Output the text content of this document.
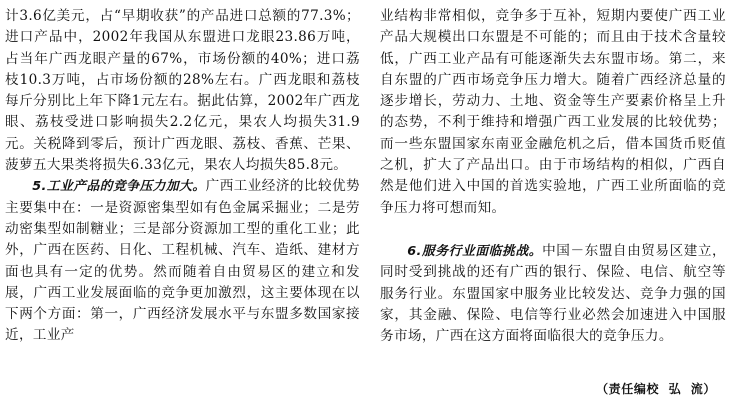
计3.6亿美元，占“早期收获”的产品进口总额的77.3%；进口产品中，2002年我国从东盟进口龙眼23.86万吨，占当年广西龙眼产量的67%，市场份额的40%；进口荔枝10.3万吨，占市场份额的28%左右。广西龙眼和荔枝每斤分别比上年下降1元左右。据此估算，2002年广西龙眼、荔枝受进口影响损失2.2亿元，果农人均损失31.9元。关税降到零后，预计广西龙眼、荔枝、香蕉、芒果、菠萝五大果类将损失6.33亿元，果农人均损失85.8元。

5.工业产品的竞争压力加大。广西工业经济的比较优势主要集中在：一是资源密集型如有色金属采掘业；二是劳动密集型如制糖业；三是部分资源加工型的重化工业；此外，广西在医药、日化、工程机械、汽车、造纸、建材方面也具有一定的优势。然而随着自由贸易区的建立和发展，广西工业发展面临的竞争更加激烈，这主要体现在以下两个方面：第一，广西经济发展水平与东盟多数国家接近，工业产

业结构非常相似，竞争多于互补，短期内要使广西工业产品大规模出口东盟是不可能的；而且由于技术含量较低，广西工业产品有可能逐渐失去东盟市场。第二，来自东盟的广西市场竞争压力增大。随着广西经济总量的逐步增长，劳动力、土地、资金等生产要素价格呈上升的态势，不利于维持和增强广西工业发展的比较优势；而一些东盟国家东南亚金融危机之后，借本国货币贬值之机，扩大了产品出口。由于市场结构的相似，广西自然是他们进入中国的首选实验地，广西工业所面临的竞争压力将可想而知。

6.服务行业面临挑战。中国－东盟自由贸易区建立，同时受到挑战的还有广西的银行、保险、电信、航空等服务行业。东盟国家中服务业比较发达、竞争力强的国家，其金融、保险、电信等行业必然会加速进入中国服务市场，广西在这方面将面临很大的竞争压力。

（责任编校  弘  流）
